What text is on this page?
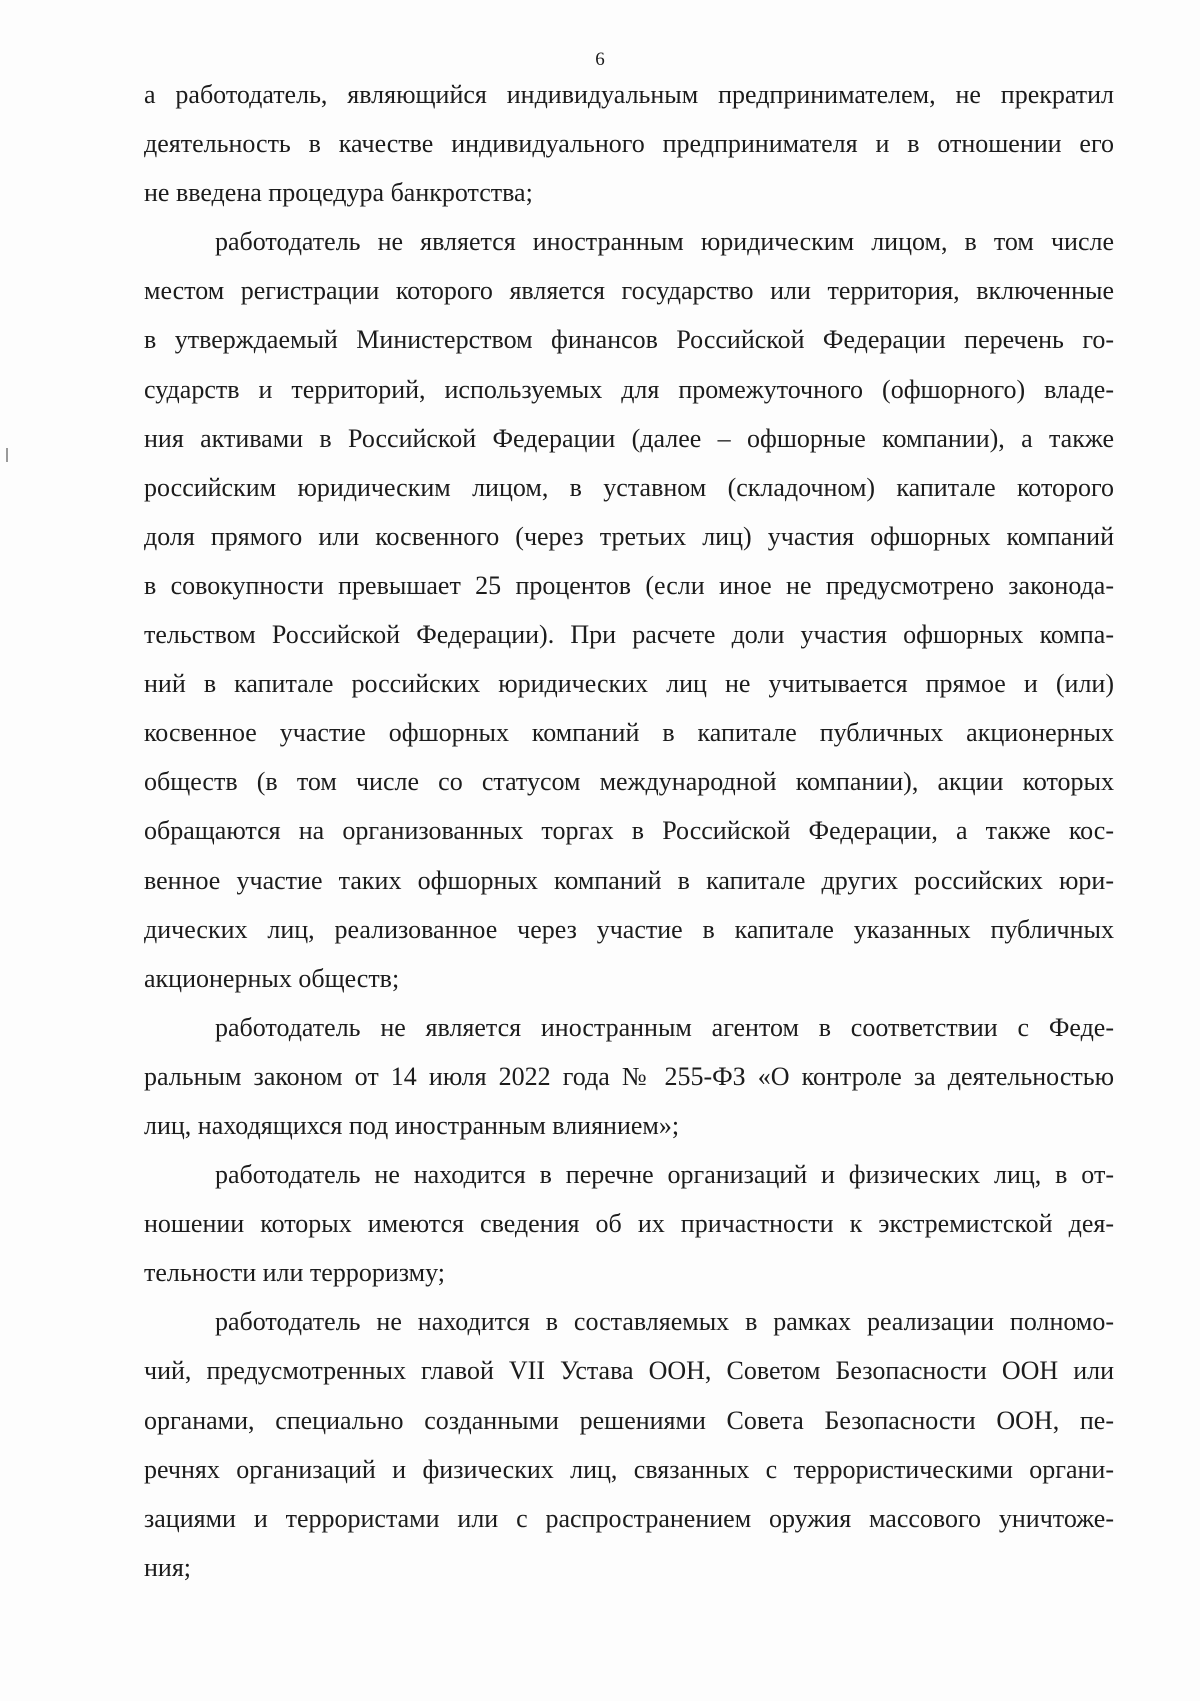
6
а работодатель, являющийся индивидуальным предпринимателем, не прекратил
деятельность в качестве индивидуального предпринимателя и в отношении его
не введена процедура банкротства;
работодатель не является иностранным юридическим лицом, в том числе
местом регистрации которого является государство или территория, включенные
в утверждаемый Министерством финансов Российской Федерации перечень го-
сударств и территорий, используемых для промежуточного (офшорного) владе-
ния активами в Российской Федерации (далее – офшорные компании), а также
российским юридическим лицом, в уставном (складочном) капитале которого
доля прямого или косвенного (через третьих лиц) участия офшорных компаний
в совокупности превышает 25 процентов (если иное не предусмотрено законода-
тельством Российской Федерации). При расчете доли участия офшорных компа-
ний в капитале российских юридических лиц не учитывается прямое и (или)
косвенное участие офшорных компаний в капитале публичных акционерных
обществ (в том числе со статусом международной компании), акции которых
обращаются на организованных торгах в Российской Федерации, а также кос-
венное участие таких офшорных компаний в капитале других российских юри-
дических лиц, реализованное через участие в капитале указанных публичных
акционерных обществ;
работодатель не является иностранным агентом в соответствии с Феде-
ральным законом от 14 июля 2022 года № 255-ФЗ «О контроле за деятельностью
лиц, находящихся под иностранным влиянием»;
работодатель не находится в перечне организаций и физических лиц, в от-
ношении которых имеются сведения об их причастности к экстремистской дея-
тельности или терроризму;
работодатель не находится в составляемых в рамках реализации полномо-
чий, предусмотренных главой VII Устава ООН, Советом Безопасности ООН или
органами, специально созданными решениями Совета Безопасности ООН, пе-
речнях организаций и физических лиц, связанных с террористическими органи-
зациями и террористами или с распространением оружия массового уничтоже-
ния;
